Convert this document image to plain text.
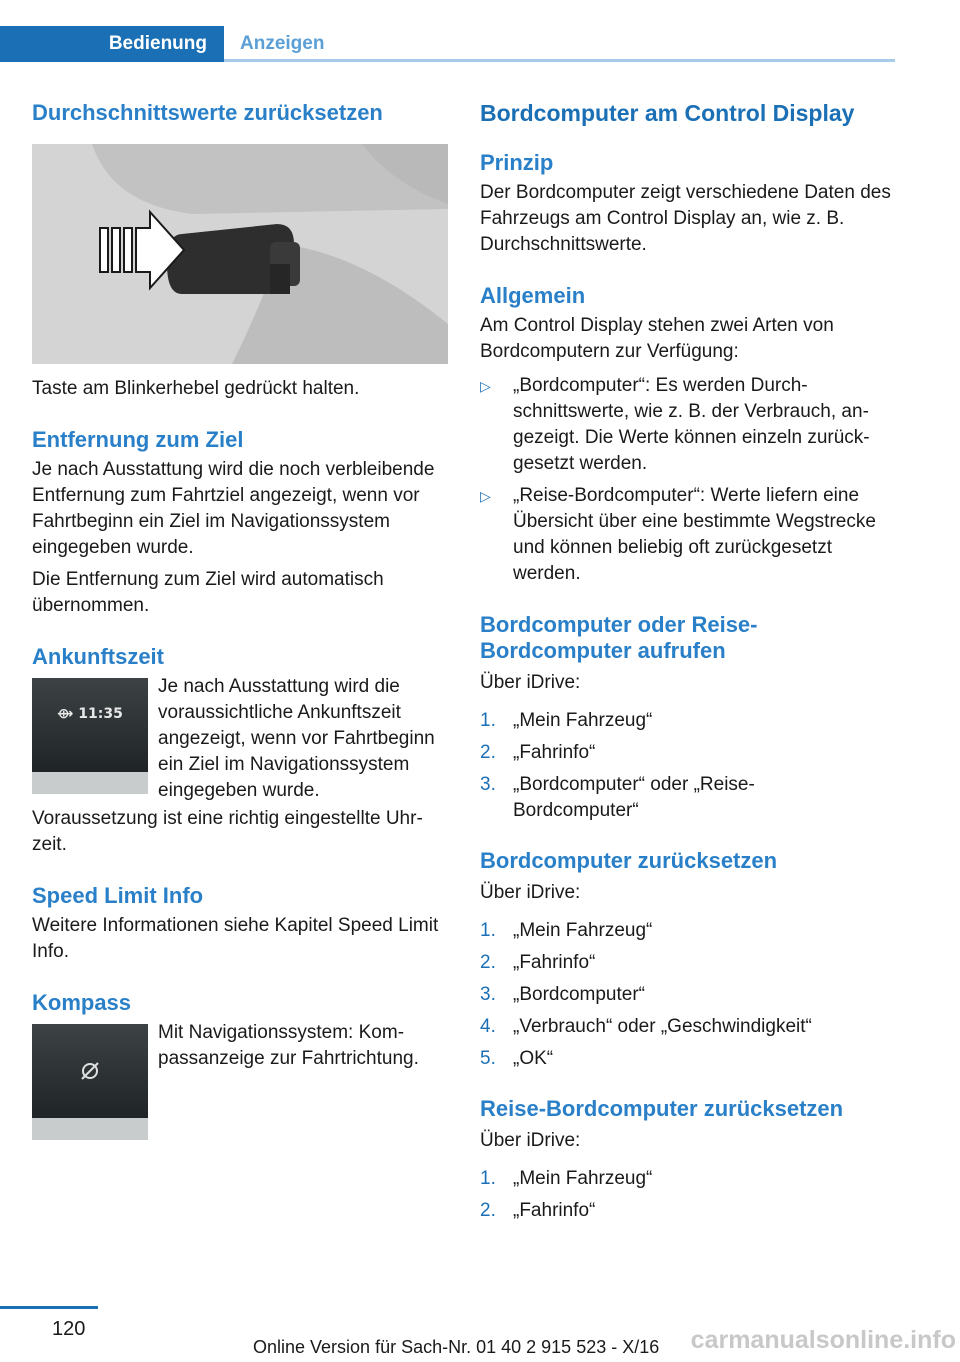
Bedienung	Anzeigen
Durchschnittswerte zurücksetzen

Taste am Blinkerhebel gedrückt halten.

Entfernung zum Ziel

Je nach Ausstattung wird die noch verbleibende Entfernung zum Fahrtziel angezeigt, wenn vor Fahrtbeginn ein Ziel im Navigationssystem eingegeben wurde.

Die Entfernung zum Ziel wird automatisch übernommen.

Ankunftszeit
⟴ 11:35

Je nach Ausstattung wird die voraussichtliche Ankunftszeit angezeigt, wenn vor Fahrtbeginn ein Ziel im Navigationssystem eingegeben wurde.

Voraussetzung ist eine richtig eingestellte Uhrzeit.

Speed Limit Info

Weitere Informationen siehe Kapitel Speed Limit Info.

Kompass

Mit Navigationssystem: Kompassanzeige zur Fahrtrichtung.

Bordcomputer am Control Display
Prinzip

Der Bordcomputer zeigt verschiedene Daten des Fahrzeugs am Control Display an, wie z. B. Durchschnittswerte.

Allgemein

Am Control Display stehen zwei Arten von Bordcomputern zur Verfügung:

▷ „Bordcomputer“: Es werden Durchschnittswerte, wie z. B. der Verbrauch, angezeigt. Die Werte können einzeln zurückgesetzt werden.
▷ „Reise-Bordcomputer“: Werte liefern eine Übersicht über eine bestimmte Wegstrecke und können beliebig oft zurückgesetzt werden.
Bordcomputer oder Reise-Bordcomputer aufrufen

Über iDrive:

1. „Mein Fahrzeug“
2. „Fahrinfo“
3. „Bordcomputer“ oder „Reise-Bordcomputer“
Bordcomputer zurücksetzen

Über iDrive:

1. „Mein Fahrzeug“
2. „Fahrinfo“
3. „Bordcomputer“
4. „Verbrauch“ oder „Geschwindigkeit“
5. „OK“
Reise-Bordcomputer zurücksetzen

Über iDrive:

1. „Mein Fahrzeug“
2. „Fahrinfo“
120
Online Version für Sach-Nr. 01 40 2 915 523 - X/16 carmanualsonline.info
